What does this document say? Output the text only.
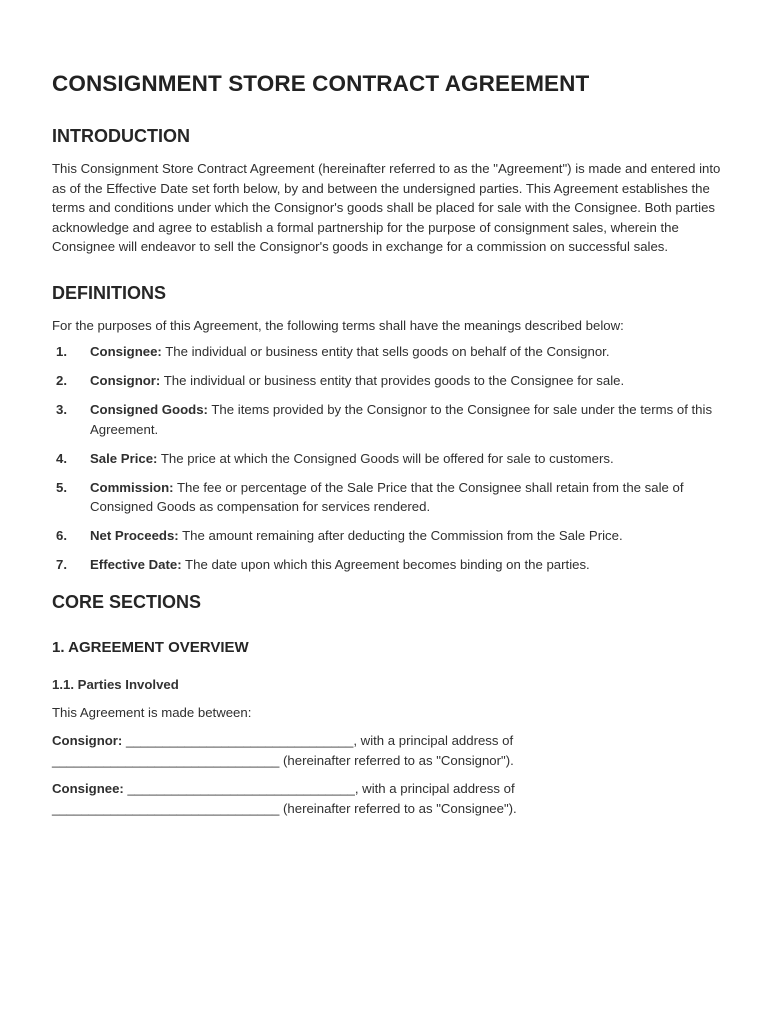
CONSIGNMENT STORE CONTRACT AGREEMENT
INTRODUCTION

This Consignment Store Contract Agreement (hereinafter referred to as the "Agreement") is made and entered into as of the Effective Date set forth below, by and between the undersigned parties. This Agreement establishes the terms and conditions under which the Consignor's goods shall be placed for sale with the Consignee. Both parties acknowledge and agree to establish a formal partnership for the purpose of consignment sales, wherein the Consignee will endeavor to sell the Consignor's goods in exchange for a commission on successful sales.

DEFINITIONS

For the purposes of this Agreement, the following terms shall have the meanings described below:

1.	Consignee: The individual or business entity that sells goods on behalf of the Consignor.
2.	Consignor: The individual or business entity that provides goods to the Consignee for sale.
3.	Consigned Goods: The items provided by the Consignor to the Consignee for sale under the terms of this Agreement.
4.	Sale Price: The price at which the Consigned Goods will be offered for sale to customers.
5.	Commission: The fee or percentage of the Sale Price that the Consignee shall retain from the sale of Consigned Goods as compensation for services rendered.
6.	Net Proceeds: The amount remaining after deducting the Commission from the Sale Price.
7.	Effective Date: The date upon which this Agreement becomes binding on the parties.
CORE SECTIONS
1. AGREEMENT OVERVIEW
1.1. Parties Involved

This Agreement is made between:

Consignor: _______________________________, with a principal address of _______________________________ (hereinafter referred to as "Consignor").

Consignee: _______________________________, with a principal address of _______________________________ (hereinafter referred to as "Consignee").
